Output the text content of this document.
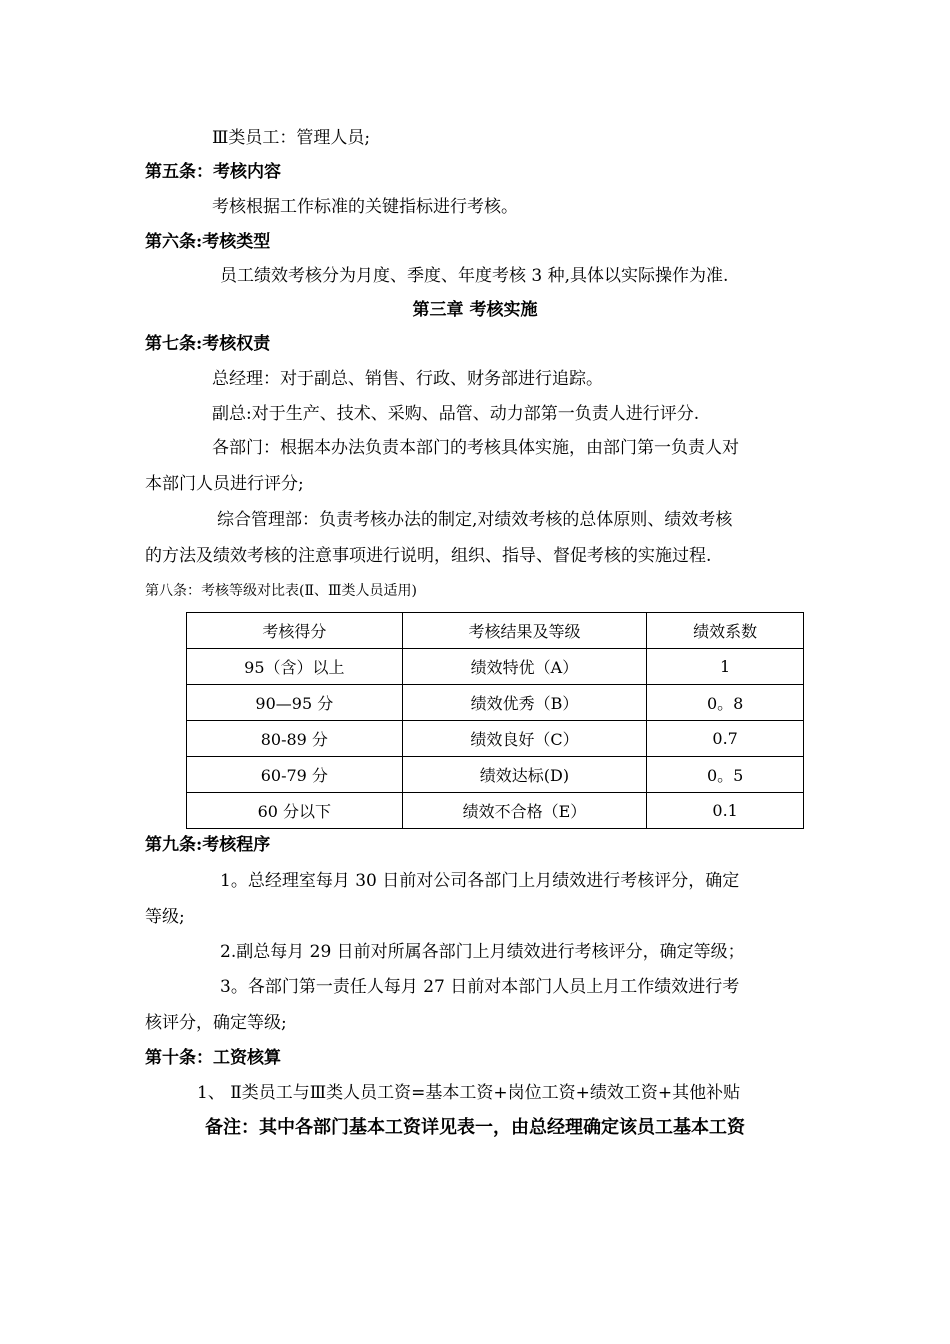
Ⅲ类员工：管理人员;
第五条：考核内容
考核根据工作标准的关键指标进行考核。
第六条:考核类型
员工绩效考核分为月度、季度、年度考核 3 种,具体以实际操作为准.
第三章 考核实施
第七条:考核权责
总经理：对于副总、销售、行政、财务部进行追踪。
副总:对于生产、技术、采购、品管、动力部第一负责人进行评分.
各部门：根据本办法负责本部门的考核具体实施，由部门第一负责人对
本部门人员进行评分;
综合管理部：负责考核办法的制定,对绩效考核的总体原则、绩效考核
的方法及绩效考核的注意事项进行说明，组织、指导、督促考核的实施过程.
第八条：考核等级对比表(Ⅱ、Ⅲ类人员适用)
考核得分	考核结果及等级	绩效系数
95（含）以上	绩效特优（A）	1
90—95 分	绩效优秀（B）	0。8
80-89 分	绩效良好（C）	0.7
60-79 分	绩效达标(D)	0。5
60 分以下	绩效不合格（E）	0.1
第九条:考核程序
1。总经理室每月 30 日前对公司各部门上月绩效进行考核评分，确定
等级;
2.副总每月 29 日前对所属各部门上月绩效进行考核评分，确定等级；
3。各部门第一责任人每月 27 日前对本部门人员上月工作绩效进行考
核评分，确定等级;
第十条：工资核算
1、 Ⅱ类员工与Ⅲ类人员工资=基本工资+岗位工资+绩效工资+其他补贴
备注：其中各部门基本工资详见表一，由总经理确定该员工基本工资
